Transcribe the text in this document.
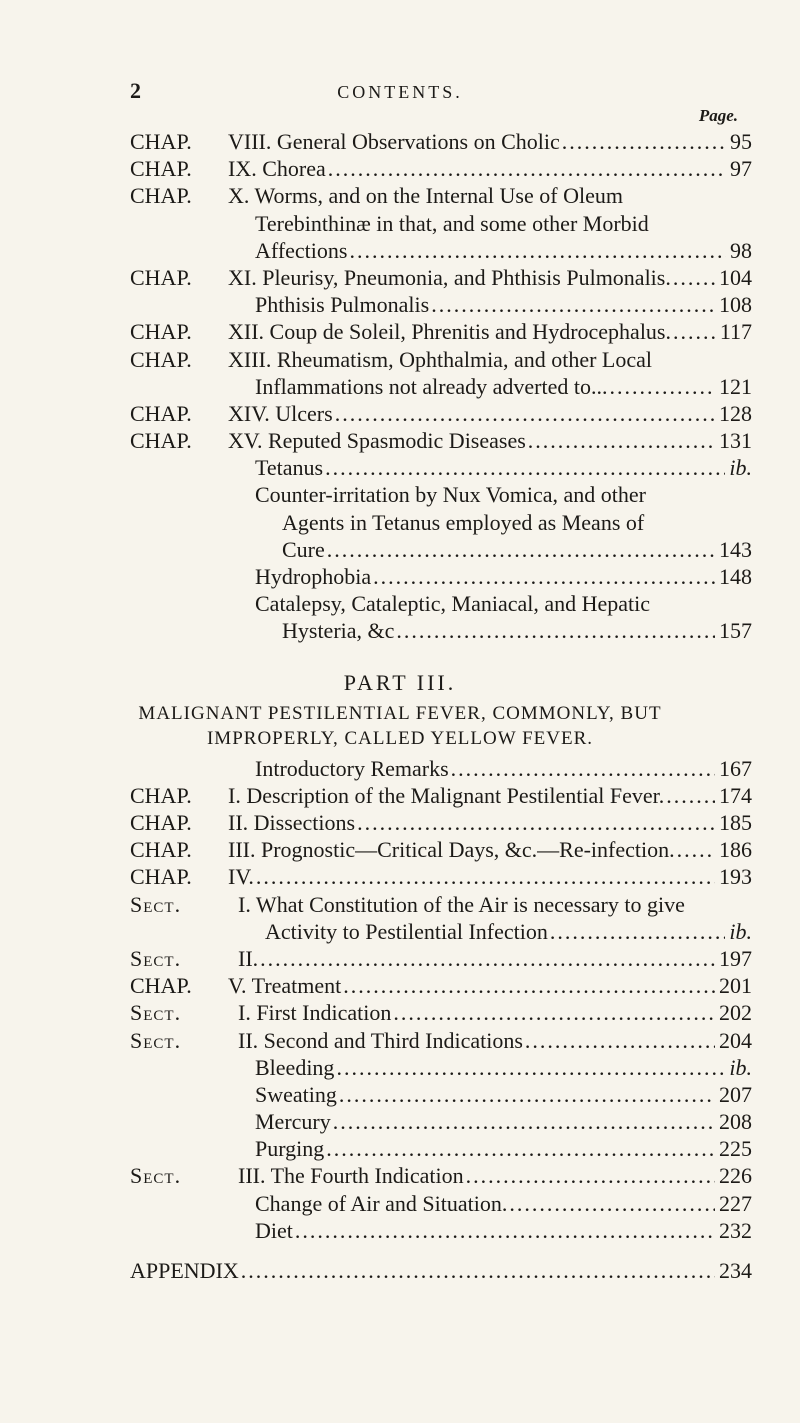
2	CONTENTS.
Page.
CHAP. VIII. General Observations on Cholic .....	95
CHAP. IX. Chorea .....	97
CHAP. X. Worms, and on the Internal Use of Oleum
Terebinthinæ in that, and some other Morbid
Affections .....	98
CHAP. XI. Pleurisy, Pneumonia, and Phthisis Pulmonalis. ..... 104
Phthisis Pulmonalis .....	108
CHAP. XII. Coup de Soleil, Phrenitis and Hydrocephalus. ..... 117
CHAP. XIII. Rheumatism, Ophthalmia, and other Local
Inflammations not already adverted to... .....	121
CHAP. XIV. Ulcers .....	128
CHAP. XV. Reputed Spasmodic Diseases .....	131
Tetanus .....	ib.
Counter-irritation by Nux Vomica, and other
Agents in Tetanus employed as Means of
Cure .....	143
Hydrophobia .....	148
Catalepsy, Cataleptic, Maniacal, and Hepatic
Hysteria, &c .....	157
PART III.
MALIGNANT PESTILENTIAL FEVER, COMMONLY, BUT
IMPROPERLY, CALLED YELLOW FEVER.
Introductory Remarks .....	167
CHAP. I. Description of the Malignant Pestilential Fever. ..... 174
CHAP. II. Dissections .....	185
CHAP. III. Prognostic—Critical Days, &c.—Re-infection. ..... 186
CHAP. IV. .....	193
Sect.	I. What Constitution of the Air is necessary to give
Activity to Pestilential Infection .....	ib.
Sect.	II. .....	197
CHAP. V. Treatment .....	201
Sect.	I. First Indication .....	202
Sect.	II. Second and Third Indications .....	204
Bleeding .....	ib.
Sweating .....	207
Mercury .....	208
Purging .....	225
Sect.	III. The Fourth Indication .....	226
Change of Air and Situation. .....	227
Diet .....	232
APPENDIX .....	234
